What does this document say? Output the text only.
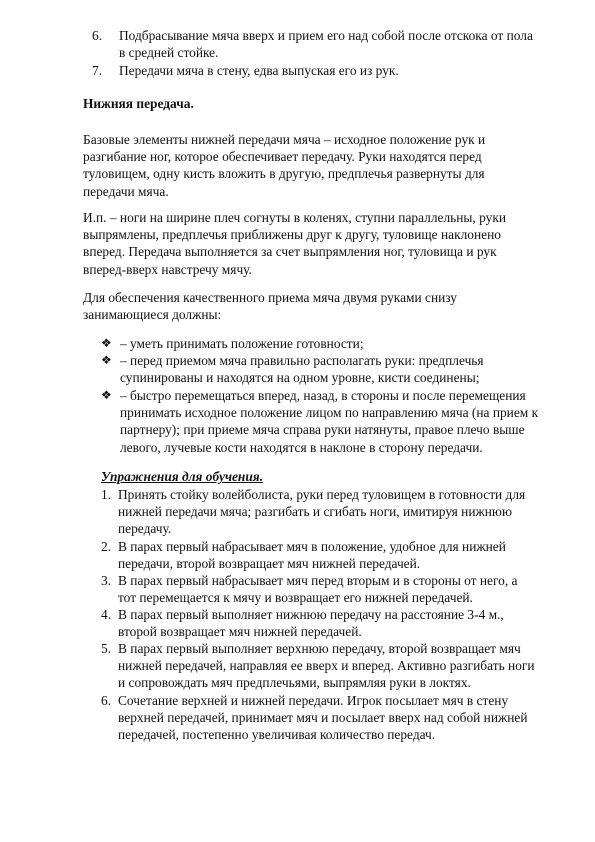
6. Подбрасывание мяча вверх и прием его над собой после отскока от пола

в средней стойке.

7. Передачи мяча в стену, едва выпуская его из рук.

Нижняя передача.

Базовые элементы нижней передачи мяча – исходное положение рук и

разгибание ног, которое обеспечивает передачу. Руки находятся перед

туловищем, одну кисть вложить в другую, предплечья развернуты для

передачи мяча.

И.п. – ноги на ширине плеч согнуты в коленях, ступни параллельны, руки

выпрямлены, предплечья приближены друг к другу, туловище наклонено

вперед. Передача выполняется за счет выпрямления ног, туловища и рук

вперед-вверх навстречу мячу.

Для обеспечения качественного приема мяча двумя руками снизу

занимающиеся должны:

❖ – уметь принимать положение готовности;

❖ – перед приемом мяча правильно располагать руки: предплечья

супинированы и находятся на одном уровне, кисти соединены;

❖ – быстро перемещаться вперед, назад, в стороны и после перемещения

принимать исходное положение лицом по направлению мяча (на прием к

партнеру); при приеме мяча справа руки натянуты, правое плечо выше

левого, лучевые кости находятся в наклоне в сторону передачи.

Упражнения для обучения.
1. Принять стойку волейболиста, руки перед туловищем в готовности для

нижней передачи мяча; разгибать и сгибать ноги, имитируя нижнюю

передачу.

2. В парах первый набрасывает мяч в положение, удобное для нижней

передачи, второй возвращает мяч нижней передачей.

3. В парах первый набрасывает мяч перед вторым и в стороны от него, а

тот перемещается к мячу и возвращает его нижней передачей.

4. В парах первый выполняет нижнюю передачу на расстояние 3-4 м.,

второй возвращает мяч нижней передачей.

5. В парах первый выполняет верхнюю передачу, второй возвращает мяч

нижней передачей, направляя ее вверх и вперед. Активно разгибать ноги

и сопровождать мяч предплечьями, выпрямляя руки в локтях.

6. Сочетание верхней и нижней передачи. Игрок посылает мяч в стену

верхней передачей, принимает мяч и посылает вверх над собой нижней

передачей, постепенно увеличивая количество передач.
